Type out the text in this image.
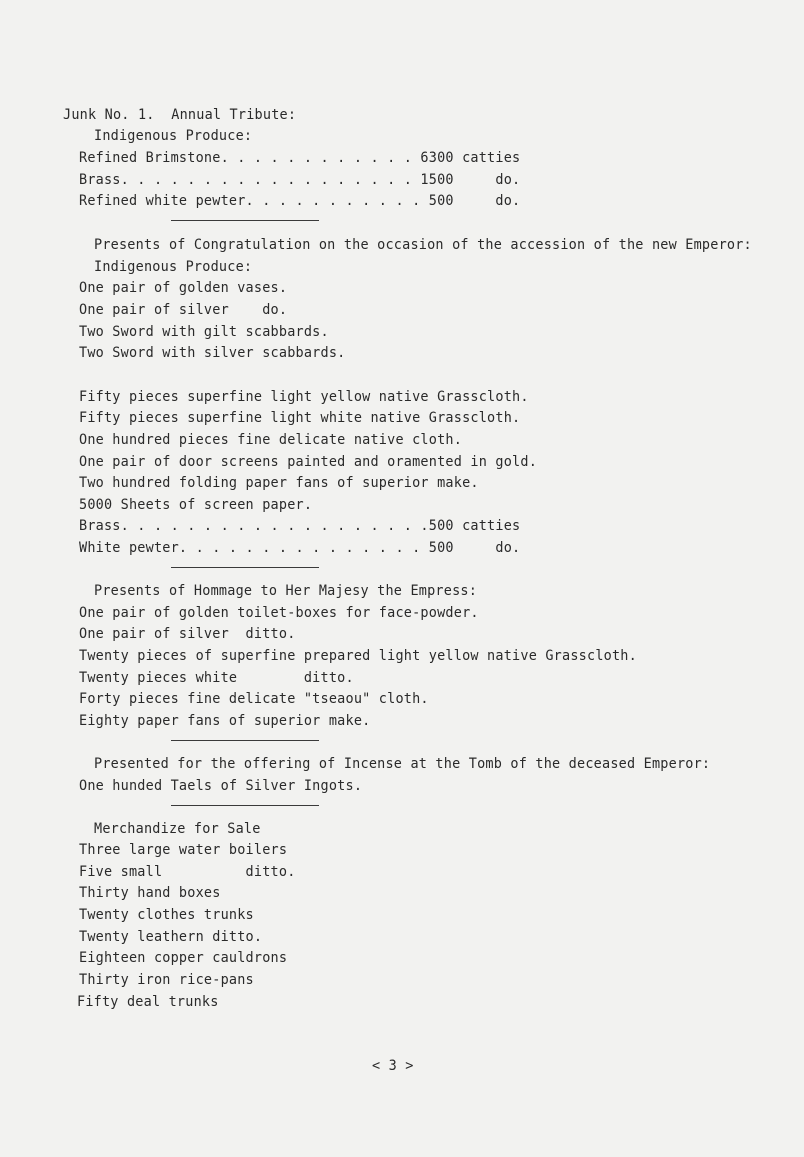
Junk No. 1.  Annual Tribute:
Indigenous Produce:
Refined Brimstone. . . . . . . . . . . . 6300 catties
Brass. . . . . . . . . . . . . . . . . . 1500     do.
Refined white pewter. . . . . . . . . . . 500     do.
Presents of Congratulation on the occasion of the accession of the new Emperor:
Indigenous Produce:
One pair of golden vases.
One pair of silver    do.
Two Sword with gilt scabbards.
Two Sword with silver scabbards.
Fifty pieces superfine light yellow native Grasscloth.
Fifty pieces superfine light white native Grasscloth.
One hundred pieces fine delicate native cloth.
One pair of door screens painted and oramented in gold.
Two hundred folding paper fans of superior make.
5000 Sheets of screen paper.
Brass. . . . . . . . . . . . . . . . . . .500 catties
White pewter. . . . . . . . . . . . . . . 500     do.
Presents of Hommage to Her Majesy the Empress:
One pair of golden toilet-boxes for face-powder.
One pair of silver  ditto.
Twenty pieces of superfine prepared light yellow native Grasscloth.
Twenty pieces white        ditto.
Forty pieces fine delicate "tseaou" cloth.
Eighty paper fans of superior make.
Presented for the offering of Incense at the Tomb of the deceased Emperor:
One hunded Taels of Silver Ingots.
Merchandize for Sale
Three large water boilers
Five small          ditto.
Thirty hand boxes
Twenty clothes trunks
Twenty leathern ditto.
Eighteen copper cauldrons
Thirty iron rice-pans
Fifty deal trunks
< 3 >
